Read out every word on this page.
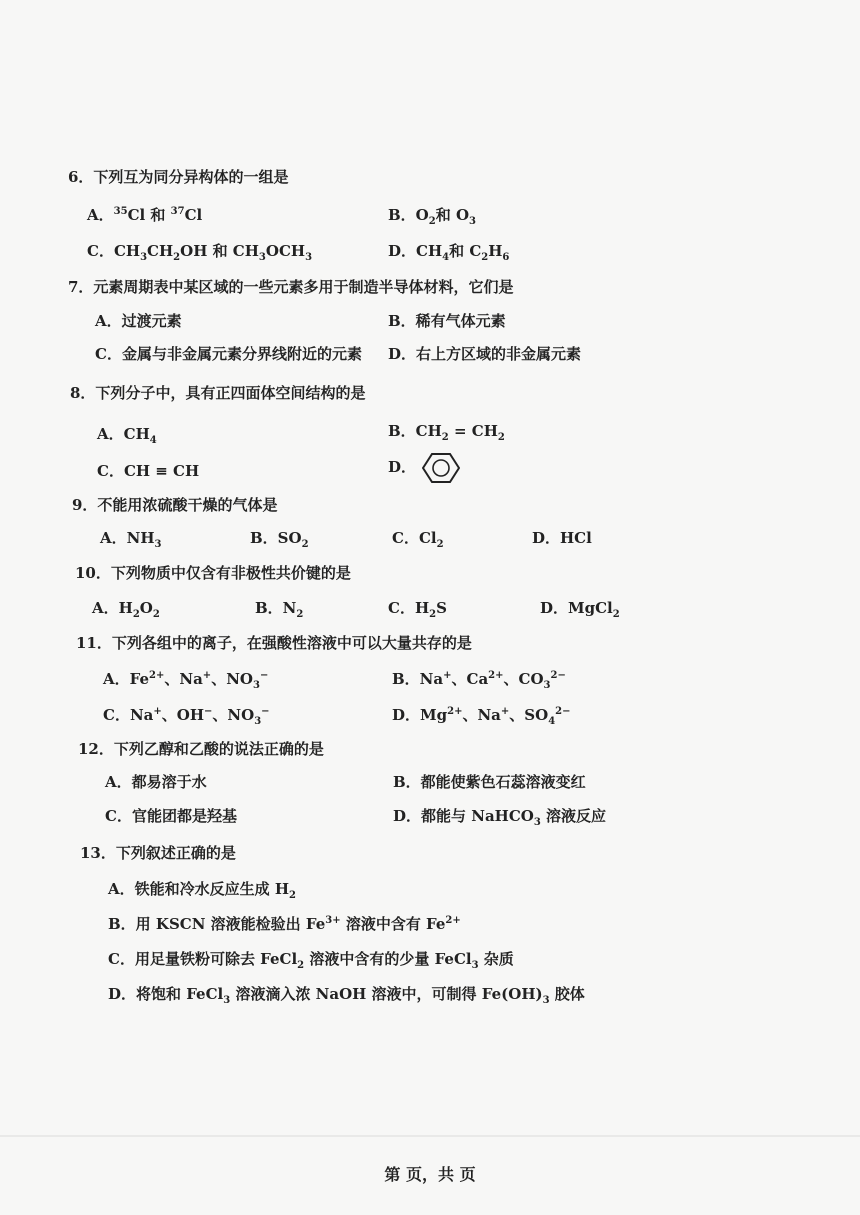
6．下列互为同分异构体的一组是
A．$^{35}$Cl 和 $^{37}$Cl	B．$O_2$和 $O_3$
C．$CH_3CH_2OH$ 和 $CH_3OCH_3$	D．$CH_4$和 $C_2H_6$
7．元素周期表中某区域的一些元素多用于制造半导体材料，它们是
A．过渡元素	B．稀有气体元素
C．金属与非金属元素分界线附近的元素 D．右上方区域的非金属元素
8．下列分子中，具有正四面体空间结构的是
A．$CH_4$
B．$CH_2 = CH_2$
C．CH ≡ CH	D．
9．不能用浓硫酸干燥的气体是
A．$NH_3$	B．$SO_2$	C．$Cl_2$	D．HCl
10．下列物质中仅含有非极性共价键的是
A．$H_2O_2$	B．$N_2$	C．$H_2S$	D．MgCl$_2$
11．下列各组中的离子，在强酸性溶液中可以大量共存的是
A．$Fe^{2+}$、Na+、$NO_3^-$	B．Na+、$Ca^{2+}$、$CO_3^{2-}$
C．Na+、OH−、$NO_3^-$	D．$Mg^{2+}$、Na+、$SO_4^{2-}$
12．下列乙醇和乙酸的说法正确的是
A．都易溶于水	B．都能使紫色石蕊溶液变红
C．官能团都是羟基	D．都能与 NaHCO$_3$ 溶液反应
13．下列叙述正确的是
A．铁能和冷水反应生成 $H_2$
B．用 KSCN 溶液能检验出 $Fe^{3+}$ 溶液中含有 $Fe^{2+}$
C．用足量铁粉可除去 FeCl$_2$ 溶液中含有的少量 FeCl$_3$ 杂质
D．将饱和 FeCl$_3$ 溶液滴入浓 NaOH 溶液中，可制得 $Fe(OH)_3$ 胶体
第 页，共 页
